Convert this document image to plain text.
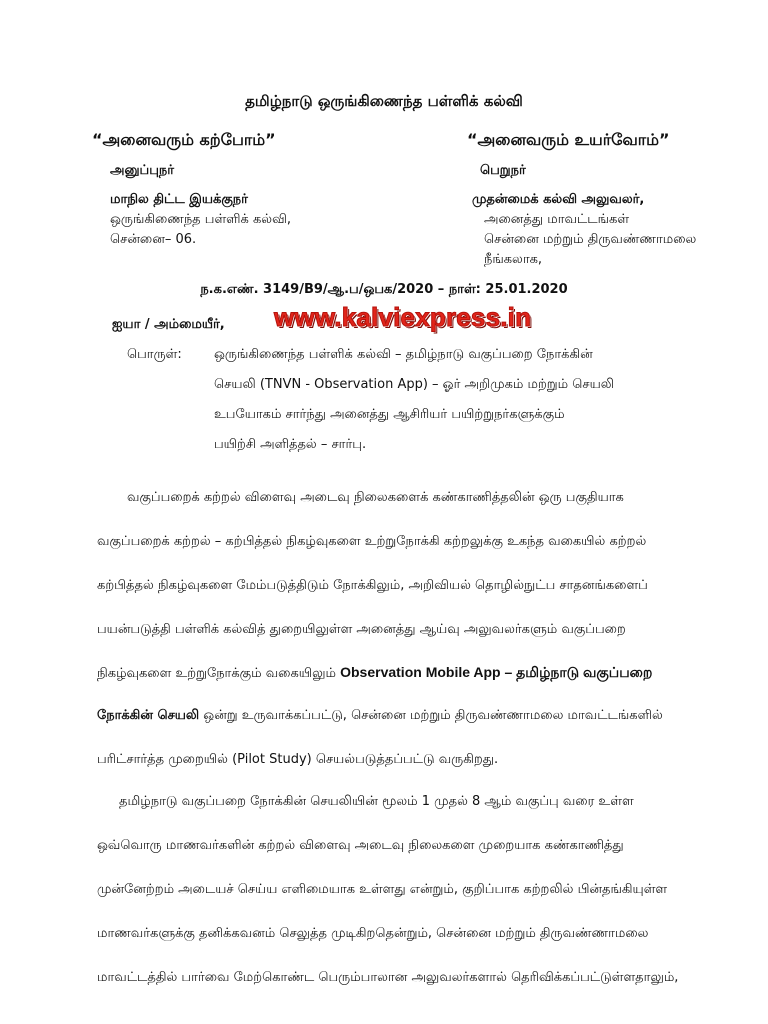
தமிழ்நாடு ஒருங்கிணைந்த பள்ளிக் கல்வி
“அனைவரும் கற்போம்”	“அனைவரும் உயர்வோம்”
அனுப்புநர்
மாநில திட்ட இயக்குநர்
ஒருங்கிணைந்த பள்ளிக் கல்வி,
சென்னை– 06.
பெறுநர்
முதன்மைக் கல்வி அலுவலர்,
அனைத்து மாவட்டங்கள்
சென்னை மற்றும் திருவண்ணாமலை
நீங்கலாக,
ந.க.எண். 3149/B9/ஆ.ப/ஒபக/2020 – நாள்: 25.01.2020
ஐயா / அம்மையீர், www.kalviexpress.in
பொருள்: ஒருங்கிணைந்த பள்ளிக் கல்வி – தமிழ்நாடு வகுப்பறை நோக்கின்
செயலி (TNVN - Observation App) – ஓர் அறிமுகம் மற்றும் செயலி
உபயோகம் சார்ந்து அனைத்து ஆசிரியர் பயிற்றுநர்களுக்கும்
பயிற்சி அளித்தல் – சார்பு.
வகுப்பறைக் கற்றல் விளைவு அடைவு நிலைகளைக் கண்காணித்தலின் ஒரு பகுதியாக
வகுப்பறைக் கற்றல் – கற்பித்தல் நிகழ்வுகளை உற்றுநோக்கி கற்றலுக்கு உகந்த வகையில் கற்றல்
கற்பித்தல் நிகழ்வுகளை மேம்படுத்திடும் நோக்கிலும், அறிவியல் தொழில்நுட்ப சாதனங்களைப்
பயன்படுத்தி பள்ளிக் கல்வித் துறையிலுள்ள அனைத்து ஆய்வு அலுவலர்களும் வகுப்பறை
நிகழ்வுகளை உற்றுநோக்கும் வகையிலும் Observation Mobile App – தமிழ்நாடு வகுப்பறை
நோக்கின் செயலி ஒன்று உருவாக்கப்பட்டு, சென்னை மற்றும் திருவண்ணாமலை மாவட்டங்களில்
பரிட்சார்த்த முறையில் (Pilot Study) செயல்படுத்தப்பட்டு வருகிறது.
தமிழ்நாடு வகுப்பறை நோக்கின் செயலியின் மூலம் 1 முதல் 8 ஆம் வகுப்பு வரை உள்ள
ஒவ்வொரு மாணவர்களின் கற்றல் விளைவு அடைவு நிலைகளை முறையாக கண்காணித்து
முன்னேற்றம் அடையச் செய்ய எளிமையாக உள்ளது என்றும், குறிப்பாக கற்றலில் பின்தங்கியுள்ள
மாணவர்களுக்கு தனிக்கவனம் செலுத்த முடிகிறதென்றும், சென்னை மற்றும் திருவண்ணாமலை
மாவட்டத்தில் பார்வை மேற்கொண்ட பெரும்பாலான அலுவலர்களால் தெரிவிக்கப்பட்டுள்ளதாலும்,
